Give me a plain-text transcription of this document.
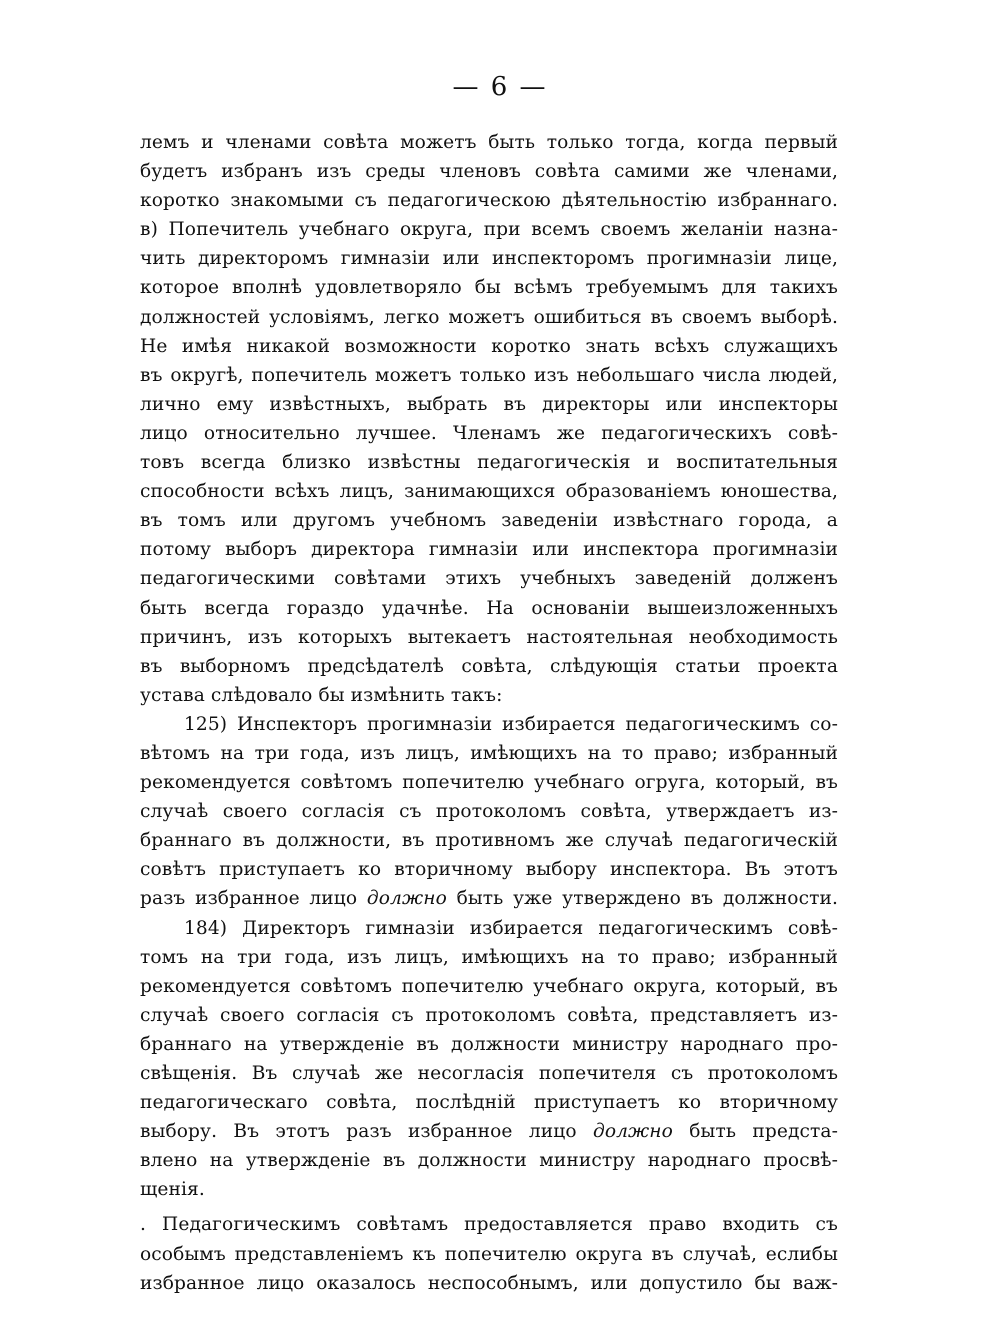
— 6 —
лемъ и членами совѣта можетъ быть только тогда, когда первый
будетъ избранъ изъ среды членовъ совѣта самими же членами,
коротко знакомыми съ педагогическою дѣятельностію избраннаго.
в) Попечитель учебнаго округа, при всемъ своемъ желаніи назна-
чить директоромъ гимназіи или инспекторомъ прогимназіи лице,
которое вполнѣ удовлетворяло бы всѣмъ требуемымъ для такихъ
должностей условіямъ, легко можетъ ошибиться въ своемъ выборѣ.
Не имѣя никакой возможности коротко знать всѣхъ служащихъ
въ округѣ, попечитель можетъ только изъ небольшаго числа людей,
лично ему извѣстныхъ, выбрать въ директоры или инспекторы
лицо относительно лучшее. Членамъ же педагогическихъ совѣ-
товъ всегда близко извѣстны педагогическія и воспитательныя
способности всѣхъ лицъ, занимающихся образованіемъ юношества,
въ томъ или другомъ учебномъ заведеніи извѣстнаго города, а
потому выборъ директора гимназіи или инспектора прогимназіи
педагогическими совѣтами этихъ учебныхъ заведеній долженъ
быть всегда гораздо удачнѣе. На основаніи вышеизложенныхъ
причинъ, изъ которыхъ вытекаетъ настоятельная необходимость
въ выборномъ предсѣдателѣ совѣта, слѣдующія статьи проекта
устава слѣдовало бы измѣнить такъ:
125) Инспекторъ прогимназіи избирается педагогическимъ со-
вѣтомъ на три года, изъ лицъ, имѣющихъ на то право; избранный
рекомендуется совѣтомъ попечителю учебнаго огруга, который, въ
случаѣ своего согласія съ протоколомъ совѣта, утверждаетъ из-
браннаго въ должности, въ противномъ же случаѣ педагогическій
совѣтъ приступаетъ ко вторичному выбору инспектора. Въ этотъ
разъ избранное лицо должно быть уже утверждено въ должности.
184) Директоръ гимназіи избирается педагогическимъ совѣ-
томъ на три года, изъ лицъ, имѣющихъ на то право; избранный
рекомендуется совѣтомъ попечителю учебнаго округа, который, въ
случаѣ своего согласія съ протоколомъ совѣта, представляетъ из-
браннаго на утвержденіе въ должности министру народнаго про-
свѣщенія. Въ случаѣ же несогласія попечителя съ протоколомъ
педагогическаго совѣта, послѣдній приступаетъ ко вторичному
выбору. Въ этотъ разъ избранное лицо должно быть предста-
влено на утвержденіе въ должности министру народнаго просвѣ-
щенія.
. Педагогическимъ совѣтамъ предоставляется право входить съ
особымъ представленіемъ къ попечителю округа въ случаѣ, еслибы
избранное лицо оказалось неспособнымъ, или допустило бы важ-
